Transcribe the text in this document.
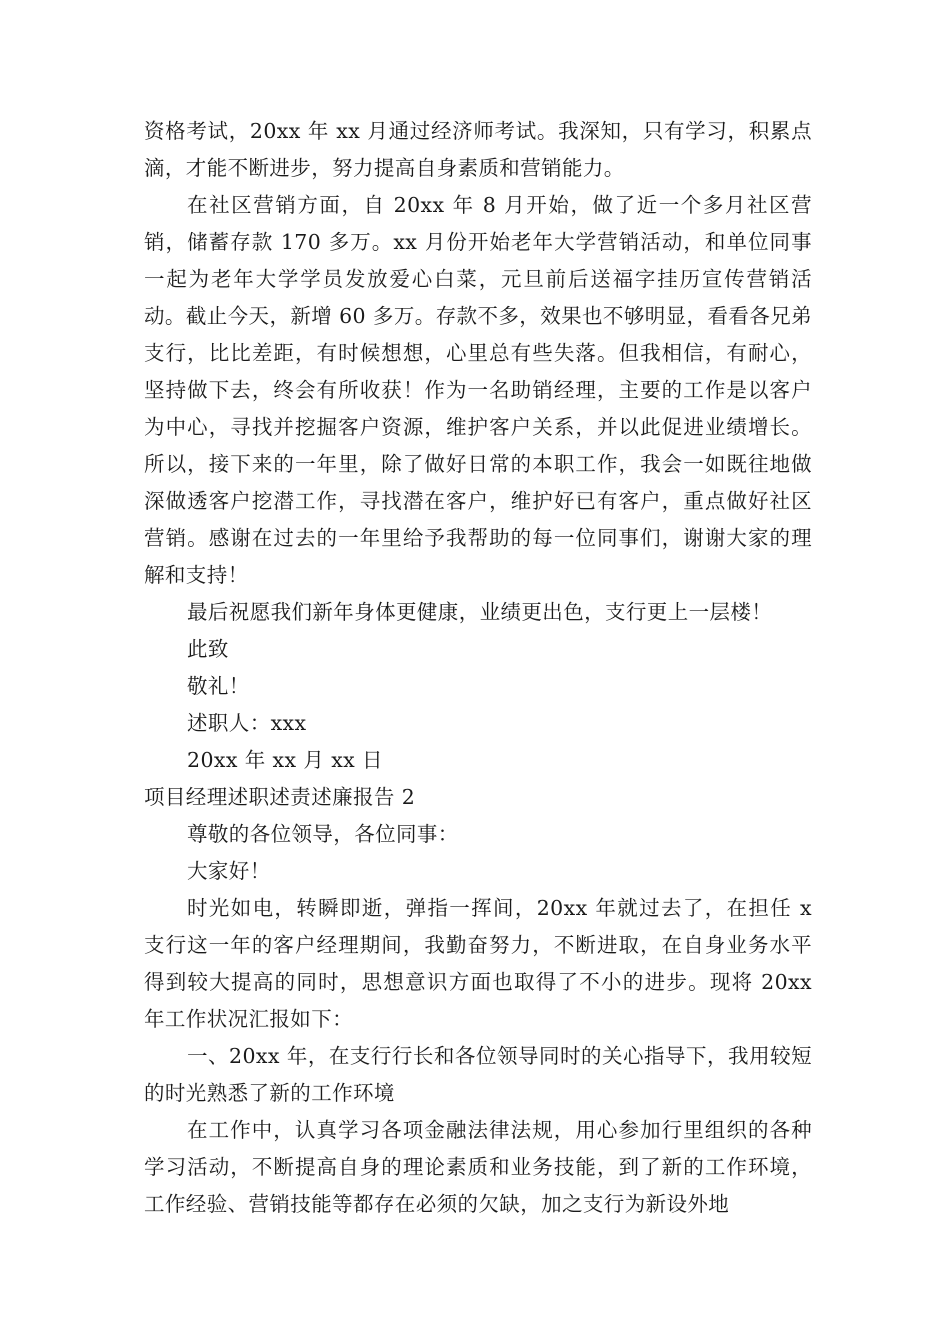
资格考试，20xx 年 xx 月通过经济师考试。我深知，只有学习，积累点滴，才能不断进步，努力提高自身素质和营销能力。

在社区营销方面，自 20xx 年 8 月开始，做了近一个多月社区营销，储蓄存款 170 多万。xx 月份开始老年大学营销活动，和单位同事一起为老年大学学员发放爱心白菜，元旦前后送福字挂历宣传营销活动。截止今天，新增 60 多万。存款不多，效果也不够明显，看看各兄弟支行，比比差距，有时候想想，心里总有些失落。但我相信，有耐心，坚持做下去，终会有所收获！作为一名助销经理，主要的工作是以客户为中心，寻找并挖掘客户资源，维护客户关系，并以此促进业绩增长。所以，接下来的一年里，除了做好日常的本职工作，我会一如既往地做深做透客户挖潜工作，寻找潜在客户，维护好已有客户，重点做好社区营销。感谢在过去的一年里给予我帮助的每一位同事们，谢谢大家的理解和支持！

最后祝愿我们新年身体更健康，业绩更出色，支行更上一层楼！

此致

敬礼！

述职人：xxx

20xx 年 xx 月 xx 日

项目经理述职述责述廉报告 2

尊敬的各位领导，各位同事：

大家好！

时光如电，转瞬即逝，弹指一挥间，20xx 年就过去了，在担任 x 支行这一年的客户经理期间，我勤奋努力，不断进取，在自身业务水平得到较大提高的同时，思想意识方面也取得了不小的进步。现将 20xx 年工作状况汇报如下：

一、20xx 年，在支行行长和各位领导同时的关心指导下，我用较短的时光熟悉了新的工作环境

在工作中，认真学习各项金融法律法规，用心参加行里组织的各种学习活动，不断提高自身的理论素质和业务技能，到了新的工作环境，工作经验、营销技能等都存在必须的欠缺，加之支行为新设外地
